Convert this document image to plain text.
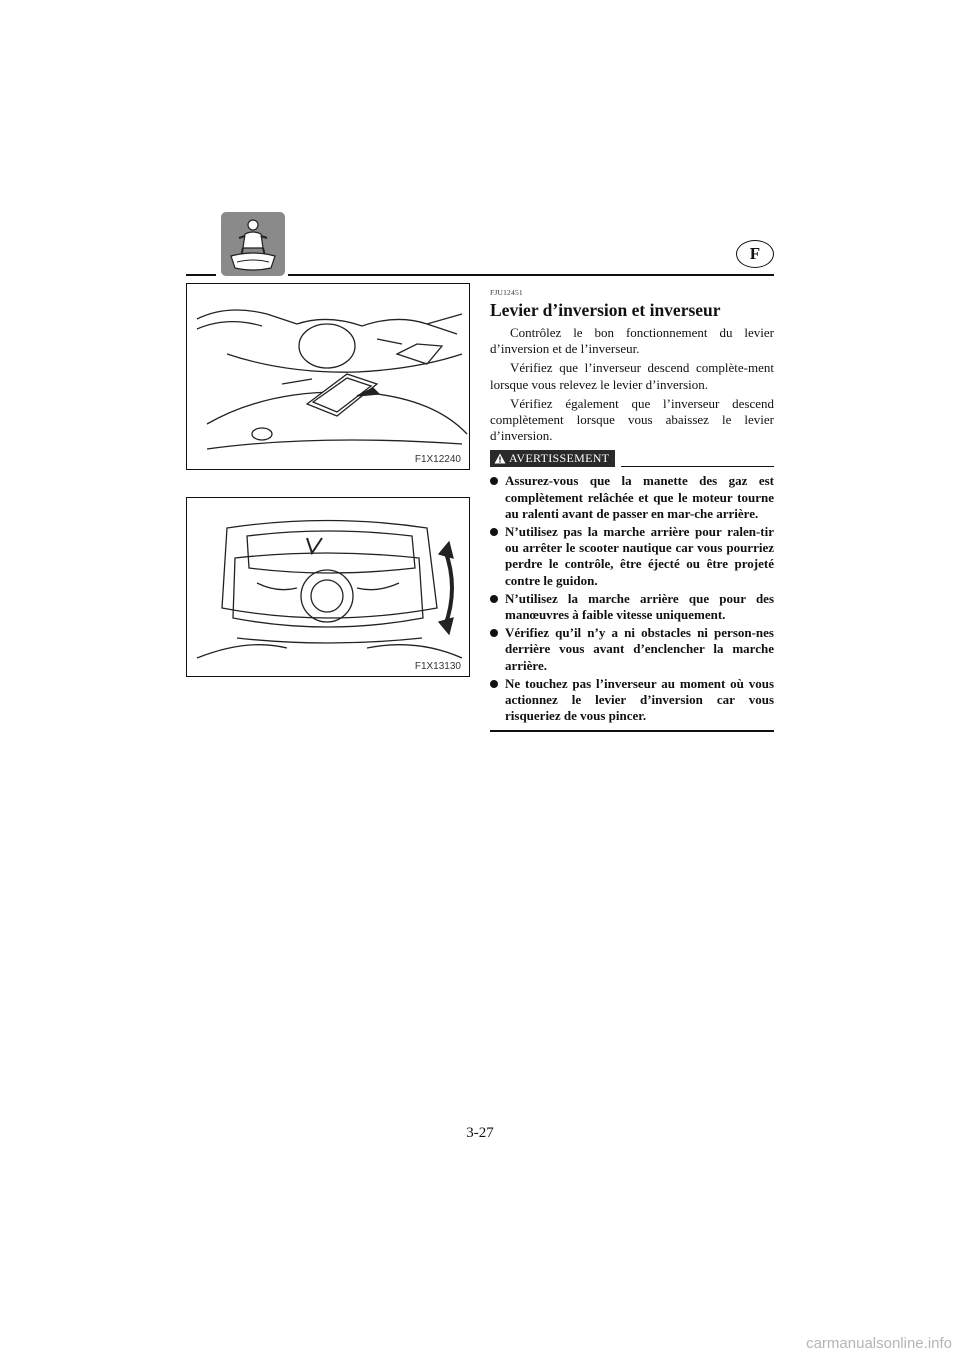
F
F1X12240
F1X13130
FJU12451
Levier d’inversion et inverseur

Contrôlez le bon fonctionnement du levier d’inversion et de l’inverseur.

Vérifiez que l’inverseur descend complète-ment lorsque vous relevez le levier d’inversion.

Vérifiez également que l’inverseur descend complètement lorsque vous abaissez le levier d’inversion.

AVERTISSEMENT
Assurez-vous que la manette des gaz est complètement relâchée et que le moteur tourne au ralenti avant de passer en mar-che arrière.
N’utilisez pas la marche arrière pour ralen-tir ou arrêter le scooter nautique car vous pourriez perdre le contrôle, être éjecté ou être projeté contre le guidon.
N’utilisez la marche arrière que pour des manœuvres à faible vitesse uniquement.
Vérifiez qu’il n’y a ni obstacles ni person-nes derrière vous avant d’enclencher la marche arrière.
Ne touchez pas l’inverseur au moment où vous actionnez le levier d’inversion car vous risqueriez de vous pincer.
3-27
carmanualsonline.info
